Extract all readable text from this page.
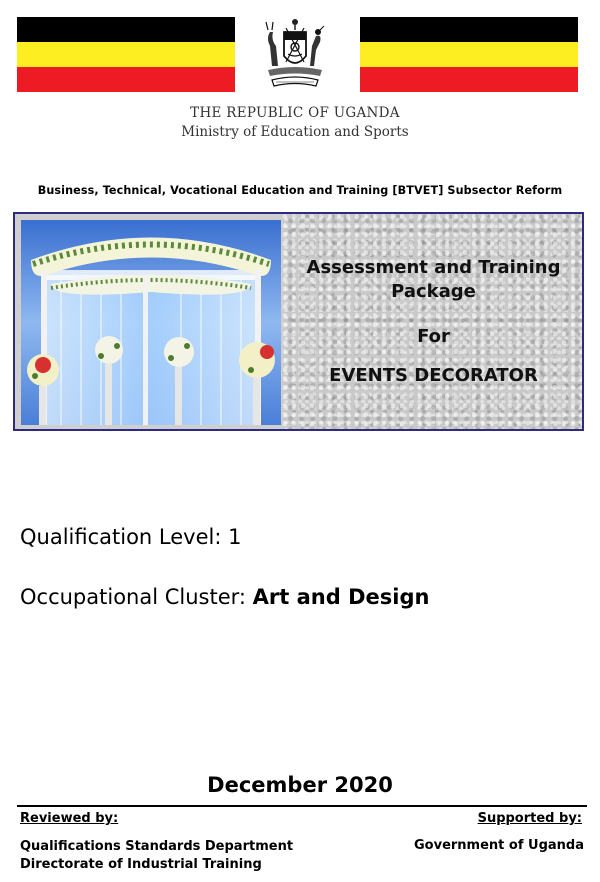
THE REPUBLIC OF UGANDA
Ministry of Education and Sports
Business, Technical, Vocational Education and Training [BTVET] Subsector Reform
Assessment and Training
Package
For
EVENTS DECORATOR
Qualification Level: 1
Occupational Cluster: Art and Design
December 2020
Reviewed by:	Supported by:
Qualifications Standards Department
Directorate of Industrial Training
Government of Uganda
